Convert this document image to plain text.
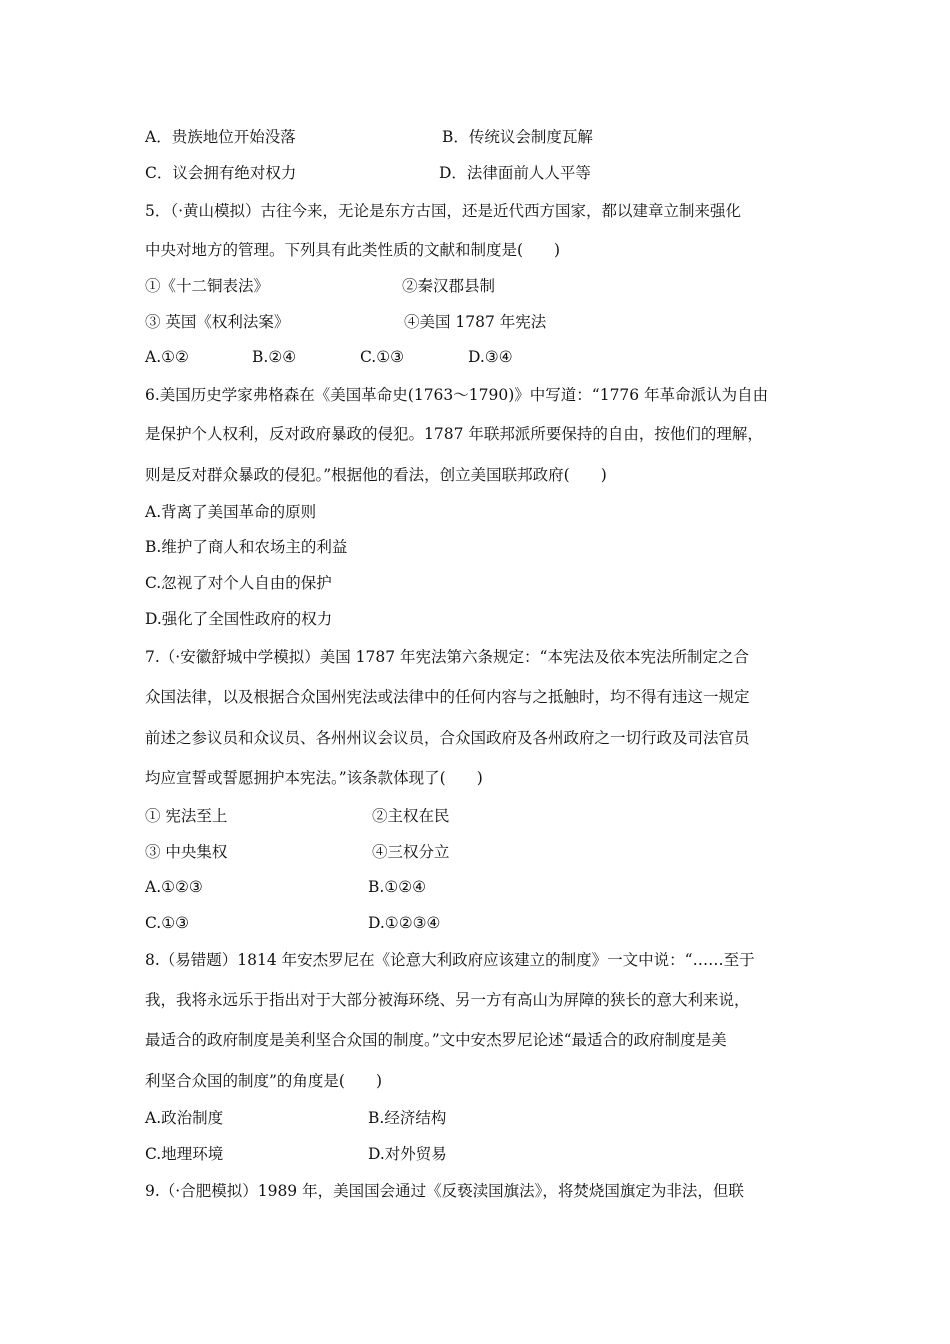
A．贵族地位开始没落	B．传统议会制度瓦解
C．议会拥有绝对权力	D．法律面前人人平等
5．（·黄山模拟）古往今来，无论是东方古国，还是近代西方国家，都以建章立制来强化
中央对地方的管理。下列具有此类性质的文献和制度是(　　)
①《十二铜表法》	②秦汉郡县制
③ 英国《权利法案》	④美国 1787 年宪法
A.①②	B.②④	C.①③	D.③④
6.美国历史学家弗格森在《美国革命史(1763～1790)》中写道：“1776 年革命派认为自由
是保护个人权利，反对政府暴政的侵犯。1787 年联邦派所要保持的自由，按他们的理解，
则是反对群众暴政的侵犯。”根据他的看法，创立美国联邦政府(　　)
A.背离了美国革命的原则
B.维护了商人和农场主的利益
C.忽视了对个人自由的保护
D.强化了全国性政府的权力
7.（·安徽舒城中学模拟）美国 1787 年宪法第六条规定：“本宪法及依本宪法所制定之合
众国法律，以及根据合众国州宪法或法律中的任何内容与之抵触时，均不得有违这一规定
前述之参议员和众议员、各州州议会议员，合众国政府及各州政府之一切行政及司法官员
均应宣誓或誓愿拥护本宪法。”该条款体现了(　　)
① 宪法至上	②主权在民
③ 中央集权	④三权分立
A.①②③	B.①②④
C.①③	D.①②③④
8.（易错题）1814 年安杰罗尼在《论意大利政府应该建立的制度》一文中说：“……至于
我，我将永远乐于指出对于大部分被海环绕、另一方有高山为屏障的狭长的意大利来说，
最适合的政府制度是美利坚合众国的制度。”文中安杰罗尼论述“最适合的政府制度是美
利坚合众国的制度”的角度是(　　)
A.政治制度	B.经济结构
C.地理环境	D.对外贸易
9.（·合肥模拟）1989 年，美国国会通过《反亵渎国旗法》，将焚烧国旗定为非法，但联
